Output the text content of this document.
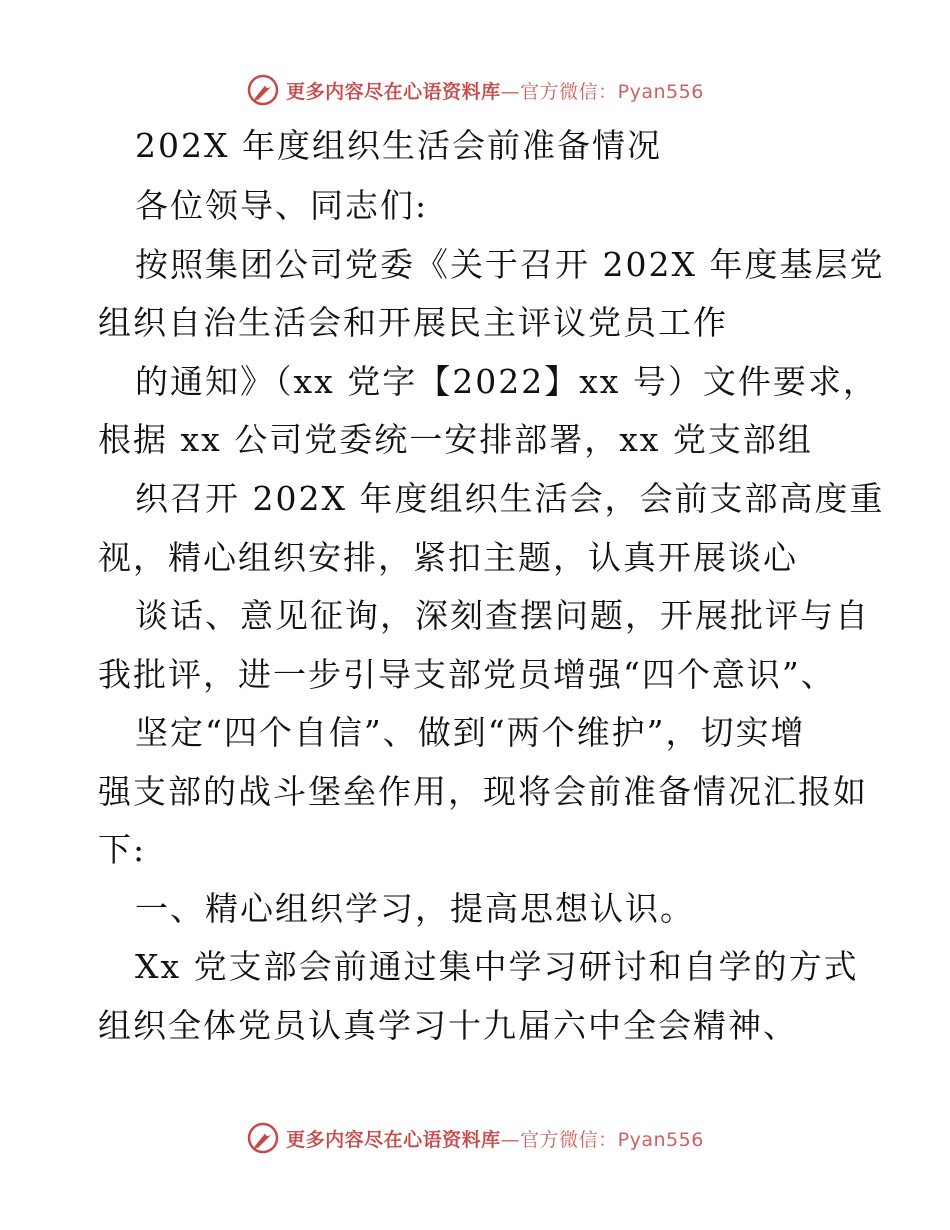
更多内容尽在心语资料库—官方微信：Pyan556
202X 年度组织生活会前准备情况
各位领导、同志们:
按照集团公司党委《关于召开 202X 年度基层党
组织自治生活会和开展民主评议党员工作
的通知》（xx 党字【2022】xx 号）文件要求，
根据 xx 公司党委统一安排部署，xx 党支部组
织召开 202X 年度组织生活会，会前支部高度重
视，精心组织安排，紧扣主题，认真开展谈心
谈话、意见征询，深刻查摆问题，开展批评与自
我批评，进一步引导支部党员增强“四个意识”、
坚定“四个自信”、做到“两个维护”，切实增
强支部的战斗堡垒作用，现将会前准备情况汇报如
下:
一、精心组织学习，提高思想认识。
Xx 党支部会前通过集中学习研讨和自学的方式
组织全体党员认真学习十九届六中全会精神、
更多内容尽在心语资料库—官方微信：Pyan556
